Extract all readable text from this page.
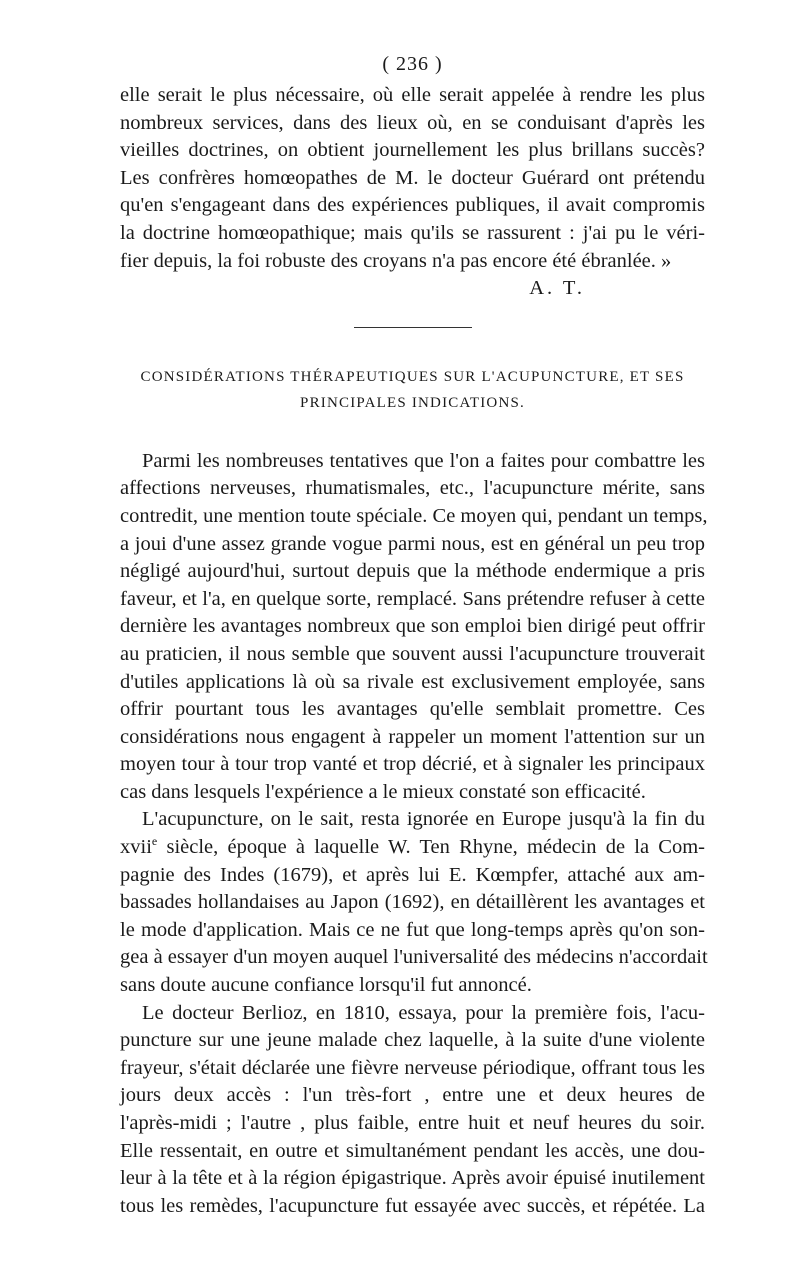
( 236 )
elle serait le plus nécessaire, où elle serait appelée à rendre les plus
nombreux services, dans des lieux où, en se conduisant d'après les
vieilles doctrines, on obtient journellement les plus brillans succès?
Les confrères homœopathes de M. le docteur Guérard ont prétendu
qu'en s'engageant dans des expériences publiques, il avait compromis
la doctrine homœopathique; mais qu'ils se rassurent : j'ai pu le véri-
fier depuis, la foi robuste des croyans n'a pas encore été ébranlée. »
A. T.
CONSIDÉRATIONS THÉRAPEUTIQUES SUR L'ACUPUNCTURE, ET SES
PRINCIPALES INDICATIONS.
Parmi les nombreuses tentatives que l'on a faites pour combattre les
affections nerveuses, rhumatismales, etc., l'acupuncture mérite, sans
contredit, une mention toute spéciale. Ce moyen qui, pendant un temps,
a joui d'une assez grande vogue parmi nous, est en général un peu trop
négligé aujourd'hui, surtout depuis que la méthode endermique a pris
faveur, et l'a, en quelque sorte, remplacé. Sans prétendre refuser à cette
dernière les avantages nombreux que son emploi bien dirigé peut offrir
au praticien, il nous semble que souvent aussi l'acupuncture trouverait
d'utiles applications là où sa rivale est exclusivement employée, sans
offrir pourtant tous les avantages qu'elle semblait promettre. Ces
considérations nous engagent à rappeler un moment l'attention sur un
moyen tour à tour trop vanté et trop décrié, et à signaler les principaux
cas dans lesquels l'expérience a le mieux constaté son efficacité.
L'acupuncture, on le sait, resta ignorée en Europe jusqu'à la fin du
xvii$^e$ siècle, époque à laquelle W. Ten Rhyne, médecin de la Com-
pagnie des Indes (1679), et après lui E. Kœmpfer, attaché aux am-
bassades hollandaises au Japon (1692), en détaillèrent les avantages et
le mode d'application. Mais ce ne fut que long-temps après qu'on son-
gea à essayer d'un moyen auquel l'universalité des médecins n'accordait
sans doute aucune confiance lorsqu'il fut annoncé.
Le docteur Berlioz, en 1810, essaya, pour la première fois, l'acu-
puncture sur une jeune malade chez laquelle, à la suite d'une violente
frayeur, s'était déclarée une fièvre nerveuse périodique, offrant tous les
jours deux accès : l'un très-fort , entre une et deux heures de
l'après-midi ; l'autre , plus faible, entre huit et neuf heures du soir.
Elle ressentait, en outre et simultanément pendant les accès, une dou-
leur à la tête et à la région épigastrique. Après avoir épuisé inutilement
tous les remèdes, l'acupuncture fut essayée avec succès, et répétée. La
